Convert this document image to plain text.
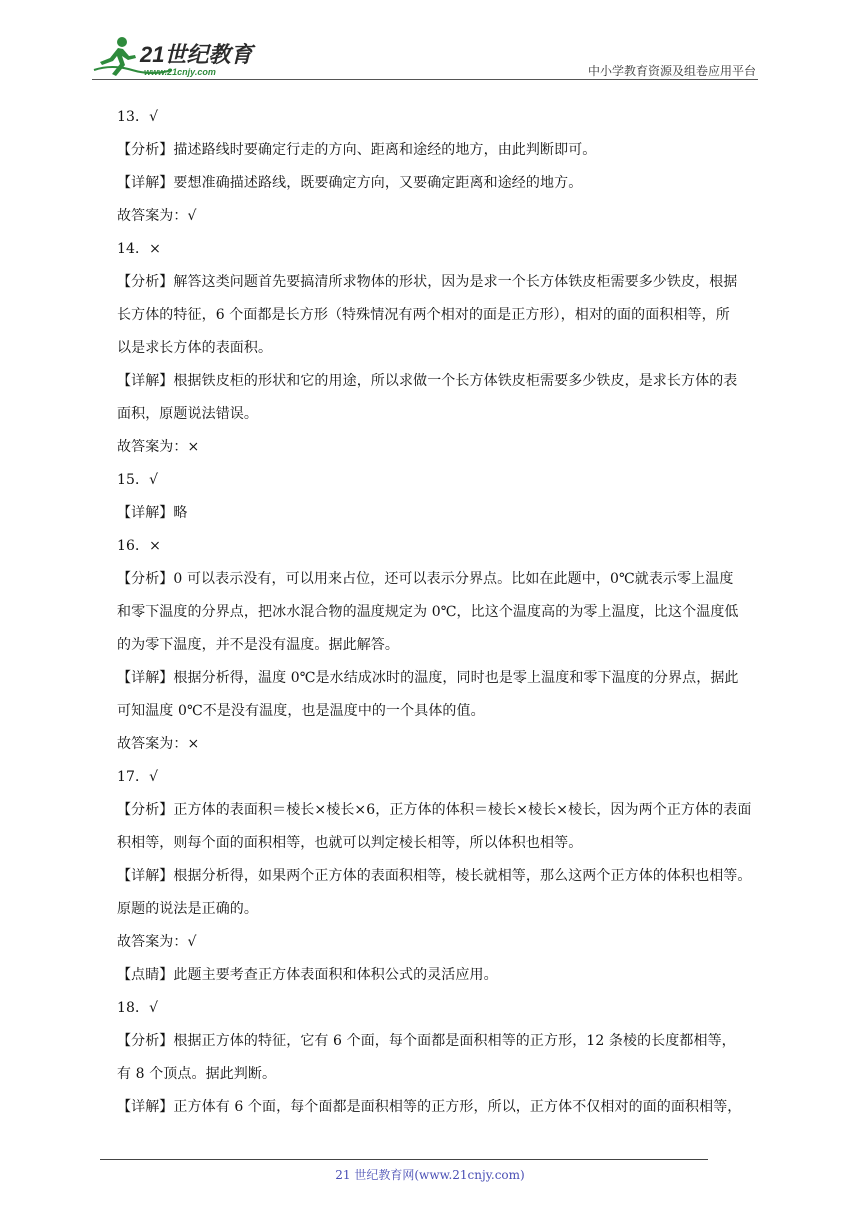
21世纪教育
www.21cnjy.com	中小学教育资源及组卷应用平台
13．√
【分析】描述路线时要确定行走的方向、距离和途经的地方，由此判断即可。
【详解】要想准确描述路线，既要确定方向，又要确定距离和途经的地方。
故答案为：√
14．×
【分析】解答这类问题首先要搞清所求物体的形状，因为是求一个长方体铁皮柜需要多少铁皮，根据
长方体的特征，6 个面都是长方形（特殊情况有两个相对的面是正方形），相对的面的面积相等，所
以是求长方体的表面积。
【详解】根据铁皮柜的形状和它的用途，所以求做一个长方体铁皮柜需要多少铁皮，是求长方体的表
面积，原题说法错误。
故答案为：×
15．√
【详解】略
16．×
【分析】0 可以表示没有，可以用来占位，还可以表示分界点。比如在此题中，0℃就表示零上温度
和零下温度的分界点，把冰水混合物的温度规定为 0℃，比这个温度高的为零上温度，比这个温度低
的为零下温度，并不是没有温度。据此解答。
【详解】根据分析得，温度 0℃是水结成冰时的温度，同时也是零上温度和零下温度的分界点，据此
可知温度 0℃不是没有温度，也是温度中的一个具体的值。
故答案为：×
17．√
【分析】正方体的表面积＝棱长×棱长×6，正方体的体积＝棱长×棱长×棱长，因为两个正方体的表面
积相等，则每个面的面积相等，也就可以判定棱长相等，所以体积也相等。
【详解】根据分析得，如果两个正方体的表面积相等，棱长就相等，那么这两个正方体的体积也相等。
原题的说法是正确的。
故答案为：√
【点睛】此题主要考查正方体表面积和体积公式的灵活应用。
18．√
【分析】根据正方体的特征，它有 6 个面，每个面都是面积相等的正方形，12 条棱的长度都相等，
有 8 个顶点。据此判断。
【详解】正方体有 6 个面，每个面都是面积相等的正方形，所以，正方体不仅相对的面的面积相等，
21 世纪教育网(www.21cnjy.com)
